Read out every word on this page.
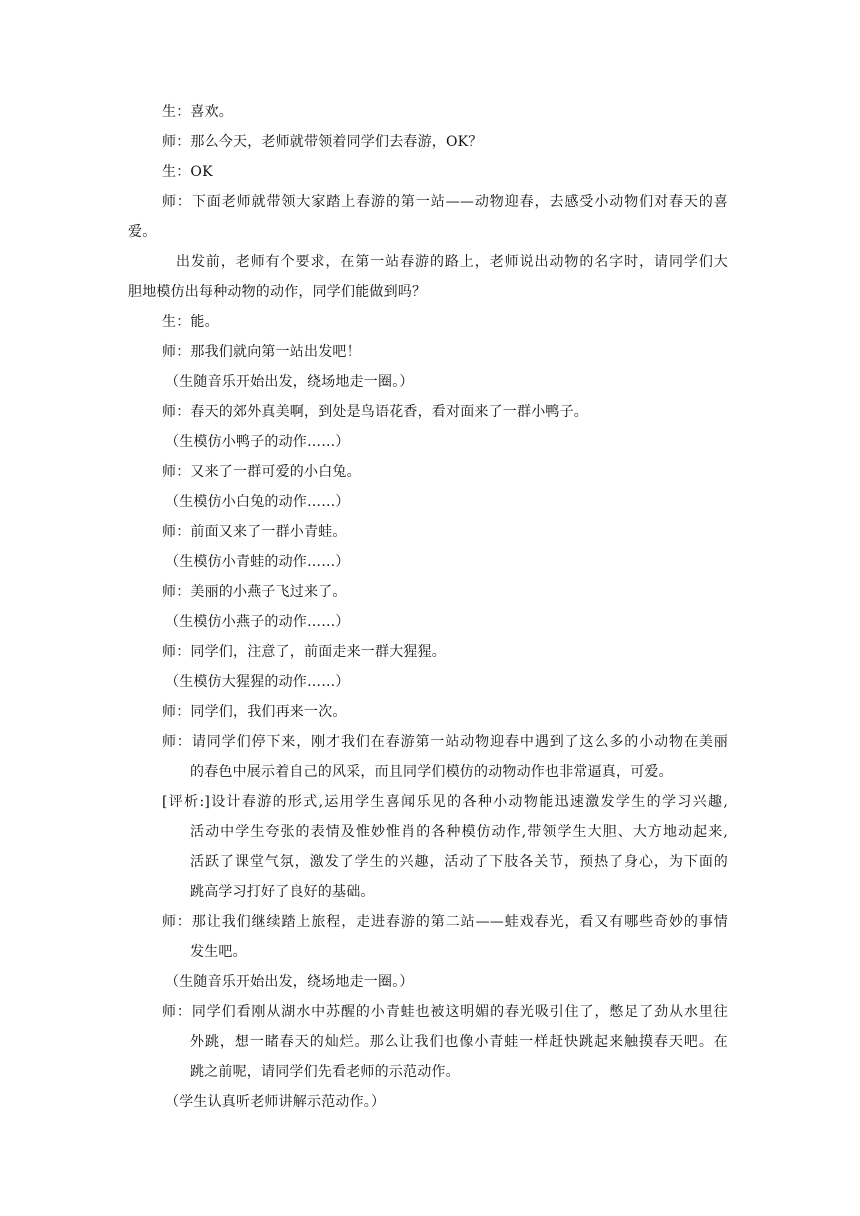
生：喜欢。
师：那么今天，老师就带领着同学们去春游，OK？
生：OK
师：下面老师就带领大家踏上春游的第一站——动物迎春，去感受小动物们对春天的喜
爱。
出发前，老师有个要求，在第一站春游的路上，老师说出动物的名字时，请同学们大
胆地模仿出每种动物的动作，同学们能做到吗？
生：能。
师：那我们就向第一站出发吧！
（生随音乐开始出发，绕场地走一圈。）
师：春天的郊外真美啊，到处是鸟语花香，看对面来了一群小鸭子。
（生模仿小鸭子的动作……）
师：又来了一群可爱的小白兔。
（生模仿小白兔的动作……）
师：前面又来了一群小青蛙。
（生模仿小青蛙的动作……）
师：美丽的小燕子飞过来了。
（生模仿小燕子的动作……）
师：同学们，注意了，前面走来一群大猩猩。
（生模仿大猩猩的动作……）
师：同学们，我们再来一次。
师：请同学们停下来，刚才我们在春游第一站动物迎春中遇到了这么多的小动物在美丽
的春色中展示着自己的风采，而且同学们模仿的动物动作也非常逼真，可爱。
[评析:]设计春游的形式,运用学生喜闻乐见的各种小动物能迅速激发学生的学习兴趣,
活动中学生夸张的表情及惟妙惟肖的各种模仿动作,带领学生大胆、大方地动起来,
活跃了课堂气氛，激发了学生的兴趣，活动了下肢各关节，预热了身心，为下面的
跳高学习打好了良好的基础。
师：那让我们继续踏上旅程，走进春游的第二站——蛙戏春光，看又有哪些奇妙的事情
发生吧。
（生随音乐开始出发，绕场地走一圈。）
师：同学们看刚从湖水中苏醒的小青蛙也被这明媚的春光吸引住了，憋足了劲从水里往
外跳，想一睹春天的灿烂。那么让我们也像小青蛙一样赶快跳起来触摸春天吧。在
跳之前呢，请同学们先看老师的示范动作。
（学生认真听老师讲解示范动作。）
